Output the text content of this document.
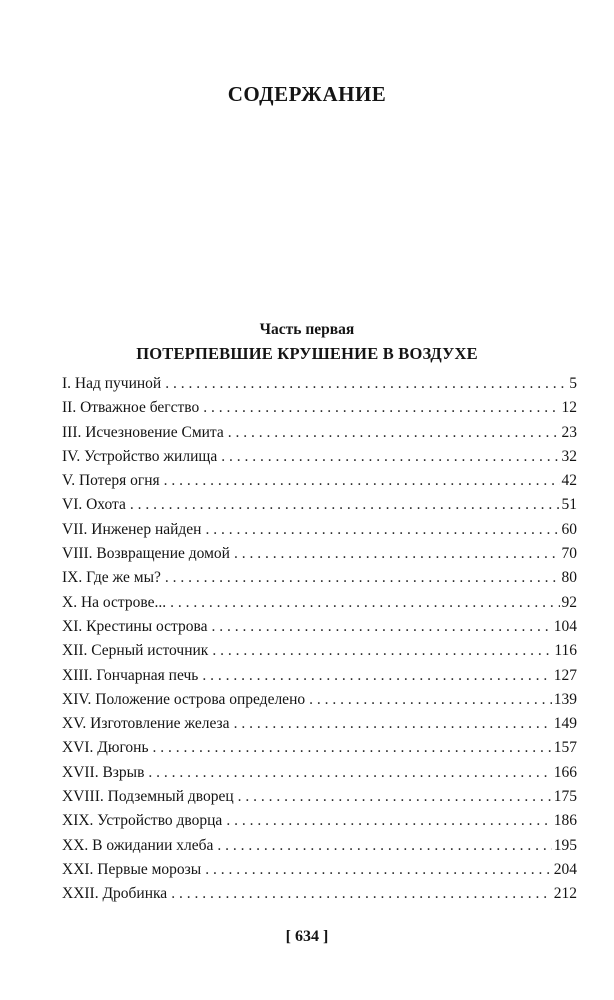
СОДЕРЖАНИЕ
Часть первая
ПОТЕРПЕВШИЕ КРУШЕНИЕ В ВОЗДУХЕ
I. Над пучиной . . .	5
II. Отважное бегство . . .	12
III. Исчезновение Смита . . .	23
IV. Устройство жилища . . .	32
V. Потеря огня . . .	42
VI. Охота . . .	51
VII. Инженер найден . . .	60
VIII. Возвращение домой . . .	70
IX. Где же мы? . . .	80
X. На острове... . . .	92
XI. Крестины острова . . .	104
XII. Серный источник . . .	116
XIII. Гончарная печь . . .	127
XIV. Положение острова определено . . .	139
XV. Изготовление железа . . .	149
XVI. Дюгонь . . .	157
XVII. Взрыв . . .	166
XVIII. Подземный дворец . . .	175
XIX. Устройство дворца . . .	186
XX. В ожидании хлеба . . .	195
XXI. Первые морозы . . .	204
XXII. Дробинка . . .	212
[ 634 ]
